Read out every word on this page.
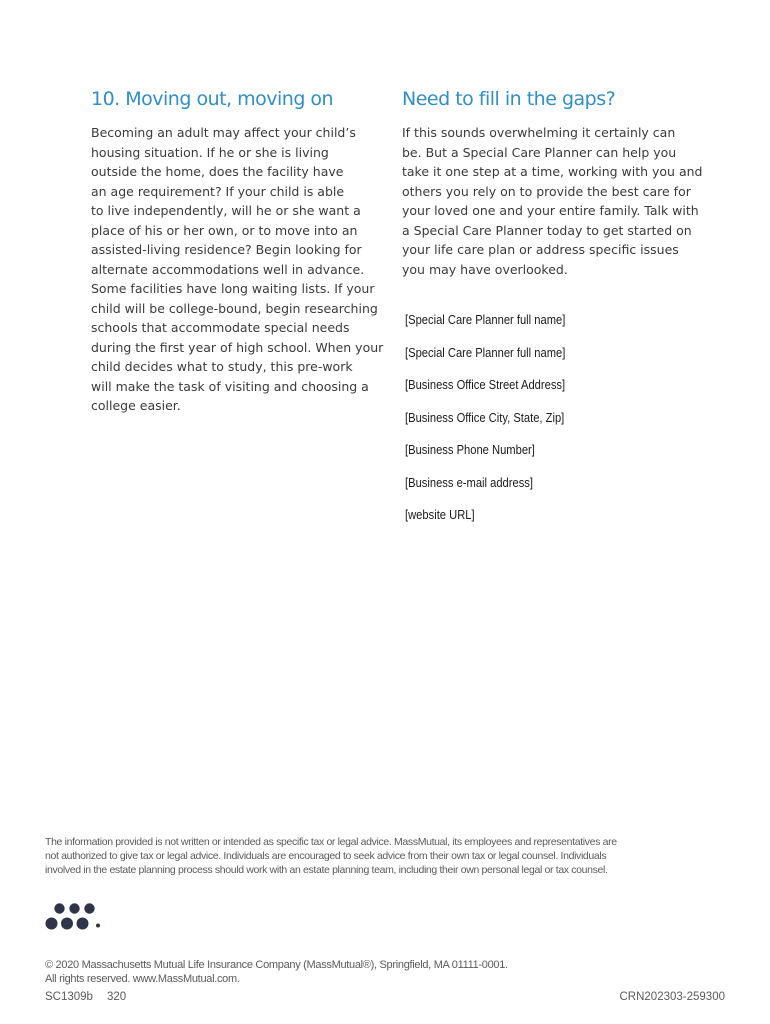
10. Moving out, moving on	Need to fill in the gaps?
Becoming an adult may affect your child’s
housing situation. If he or she is living
outside the home, does the facility have
an age requirement? If your child is able
to live independently, will he or she want a
place of his or her own, or to move into an
assisted-living residence? Begin looking for
alternate accommodations well in advance.
Some facilities have long waiting lists. If your
child will be college-bound, begin researching
schools that accommodate special needs
during the first year of high school. When your
child decides what to study, this pre-work
will make the task of visiting and choosing a
college easier.
If this sounds overwhelming it certainly can
be. But a Special Care Planner can help you
take it one step at a time, working with you and
others you rely on to provide the best care for
your loved one and your entire family. Talk with
a Special Care Planner today to get started on
your life care plan or address specific issues
you may have overlooked.
[Special Care Planner full name]
[Special Care Planner full name]
[Business Office Street Address]
[Business Office City, State, Zip]
[Business Phone Number]
[Business e-mail address]
[website URL]
The information provided is not written or intended as specific tax or legal advice. MassMutual, its employees and representatives are
not authorized to give tax or legal advice. Individuals are encouraged to seek advice from their own tax or legal counsel. Individuals
involved in the estate planning process should work with an estate planning team, including their own personal legal or tax counsel.
© 2020 Massachusetts Mutual Life Insurance Company (MassMutual®), Springfield, MA 01111-0001.
All rights reserved. www.MassMutual.com.
SC1309b 320	CRN202303-259300
